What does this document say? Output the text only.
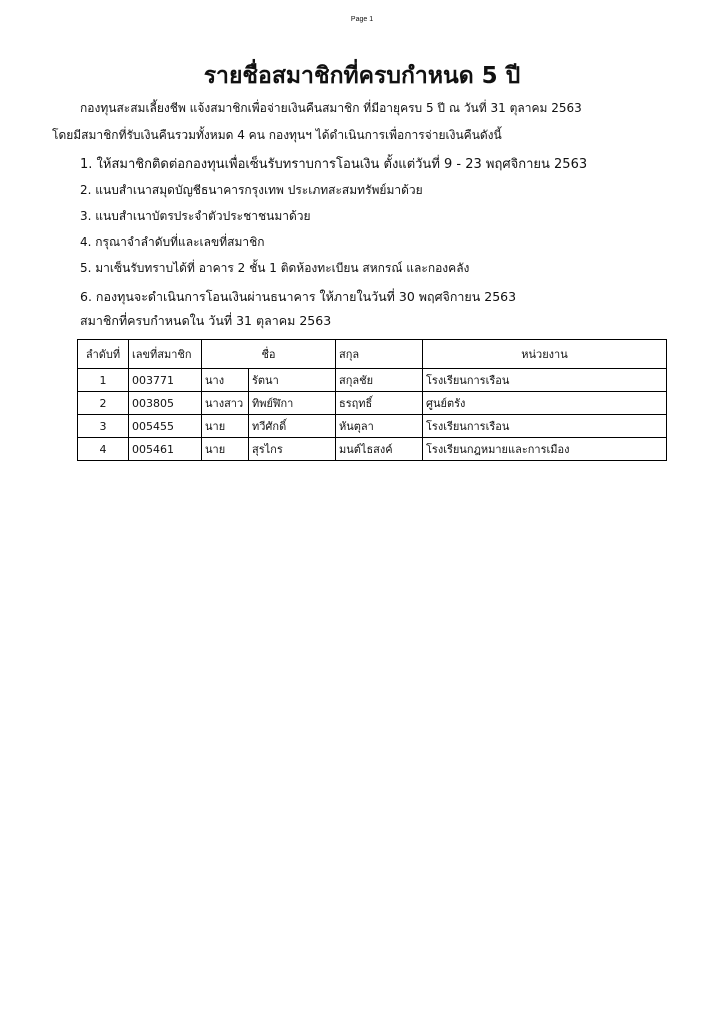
Page 1
รายชื่อสมาชิกที่ครบกำหนด 5 ปี
กองทุนสะสมเลี้ยงชีพ แจ้งสมาชิกเพื่อจ่ายเงินคืนสมาชิก ที่มีอายุครบ 5 ปี ณ วันที่ 31 ตุลาคม 2563
โดยมีสมาชิกที่รับเงินคืนรวมทั้งหมด 4 คน กองทุนฯ ได้ดำเนินการเพื่อการจ่ายเงินคืนดังนี้
1. ให้สมาชิกติดต่อกองทุนเพื่อเซ็นรับทราบการโอนเงิน ตั้งแต่วันที่ 9 - 23 พฤศจิกายน 2563
2. แนบสำเนาสมุดบัญชีธนาคารกรุงเทพ ประเภทสะสมทรัพย์มาด้วย
3. แนบสำเนาบัตรประจำตัวประชาชนมาด้วย
4. กรุณาจำลำดับที่และเลขที่สมาชิก
5. มาเซ็นรับทราบได้ที่ อาคาร 2 ชั้น 1 ติดห้องทะเบียน สหกรณ์ และกองคลัง
6. กองทุนจะดำเนินการโอนเงินผ่านธนาคาร ให้ภายในวันที่ 30 พฤศจิกายน 2563
สมาชิกที่ครบกำหนดใน วันที่ 31 ตุลาคม 2563
ลำดับที่	เลขที่สมาชิก	ชื่อ		สกุล	หน่วยงาน
1	003771	นาง	รัตนา	สกุลชัย	โรงเรียนการเรือน
2	003805	นางสาว	ทิพย์ฬิกา	ธรฤทธิ์	ศูนย์ตรัง
3	005455	นาย	ทวีศักดิ์	หันตุลา	โรงเรียนการเรือน
4	005461	นาย	สุรไกร	มนต์ไธสงค์	โรงเรียนกฎหมายและการเมือง
